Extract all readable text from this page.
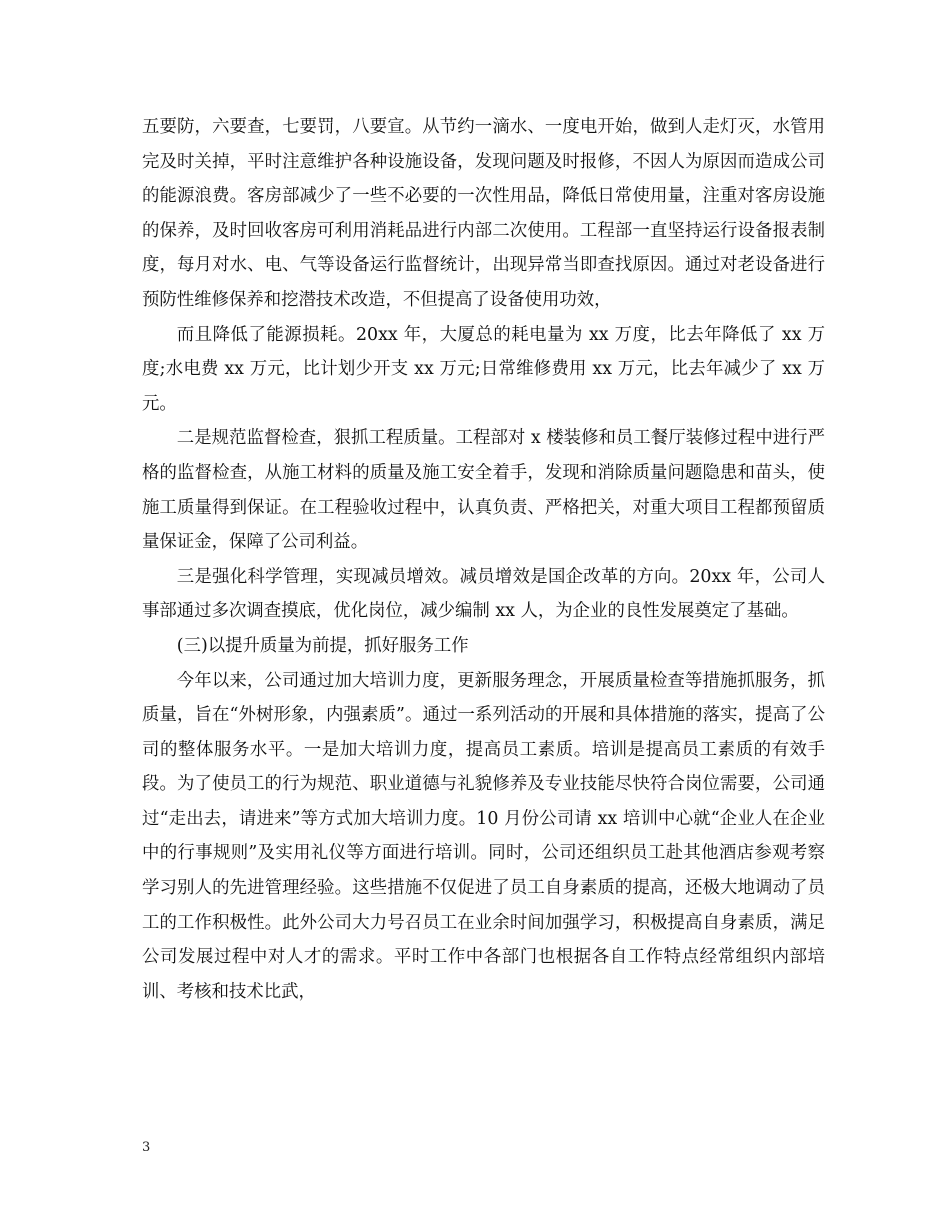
五要防，六要查，七要罚，八要宣。从节约一滴水、一度电开始，做到人走灯灭，水管用完及时关掉，平时注意维护各种设施设备，发现问题及时报修，不因人为原因而造成公司的能源浪费。客房部减少了一些不必要的一次性用品，降低日常使用量，注重对客房设施的保养，及时回收客房可利用消耗品进行内部二次使用。工程部一直坚持运行设备报表制度，每月对水、电、气等设备运行监督统计，出现异常当即查找原因。通过对老设备进行预防性维修保养和挖潜技术改造，不但提高了设备使用功效，

而且降低了能源损耗。20xx 年，大厦总的耗电量为 xx 万度，比去年降低了 xx 万度;水电费 xx 万元，比计划少开支 xx 万元;日常维修费用 xx 万元，比去年减少了 xx 万元。

二是规范监督检查，狠抓工程质量。工程部对 x 楼装修和员工餐厅装修过程中进行严格的监督检查，从施工材料的质量及施工安全着手，发现和消除质量问题隐患和苗头，使施工质量得到保证。在工程验收过程中，认真负责、严格把关，对重大项目工程都预留质量保证金，保障了公司利益。

三是强化科学管理，实现减员增效。减员增效是国企改革的方向。20xx 年，公司人事部通过多次调查摸底，优化岗位，减少编制 xx 人，为企业的良性发展奠定了基础。

(三)以提升质量为前提，抓好服务工作

今年以来，公司通过加大培训力度，更新服务理念，开展质量检查等措施抓服务，抓质量，旨在“外树形象，内强素质”。通过一系列活动的开展和具体措施的落实，提高了公司的整体服务水平。一是加大培训力度，提高员工素质。培训是提高员工素质的有效手段。为了使员工的行为规范、职业道德与礼貌修养及专业技能尽快符合岗位需要，公司通过“走出去，请进来”等方式加大培训力度。10 月份公司请 xx 培训中心就“企业人在企业中的行事规则”及实用礼仪等方面进行培训。同时，公司还组织员工赴其他酒店参观考察学习别人的先进管理经验。这些措施不仅促进了员工自身素质的提高，还极大地调动了员工的工作积极性。此外公司大力号召员工在业余时间加强学习，积极提高自身素质，满足公司发展过程中对人才的需求。平时工作中各部门也根据各自工作特点经常组织内部培训、考核和技术比武，

3
